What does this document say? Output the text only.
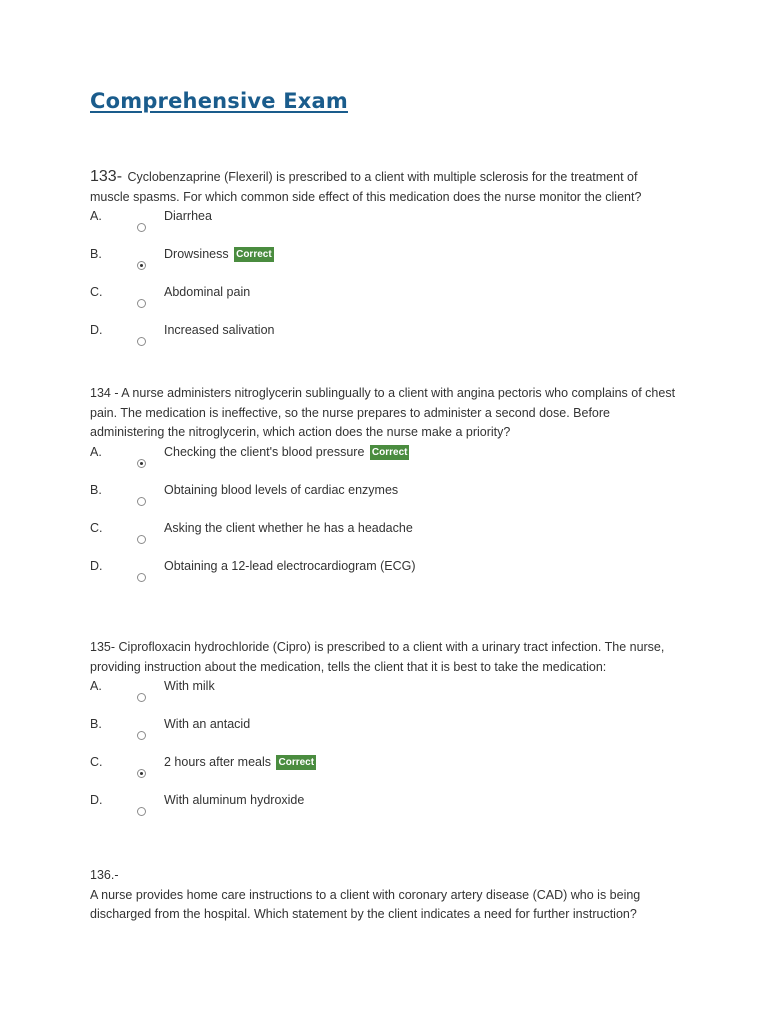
Comprehensive Exam

133- Cyclobenzaprine (Flexeril) is prescribed to a client with multiple sclerosis for the treatment of muscle spasms. For which common side effect of this medication does the nurse monitor the client?

A.	Diarrhea
B.	Drowsiness Correct
C.	Abdominal pain
D.	Increased salivation

134 - A nurse administers nitroglycerin sublingually to a client with angina pectoris who complains of chest pain. The medication is ineffective, so the nurse prepares to administer a second dose. Before administering the nitroglycerin, which action does the nurse make a priority?

A.	Checking the client's blood pressure Correct
B.	Obtaining blood levels of cardiac enzymes
C.	Asking the client whether he has a headache
D.	Obtaining a 12-lead electrocardiogram (ECG)

135- Ciprofloxacin hydrochloride (Cipro) is prescribed to a client with a urinary tract infection. The nurse, providing instruction about the medication, tells the client that it is best to take the medication:

A.	With milk
B.	With an antacid
C.	2 hours after meals Correct
D.	With aluminum hydroxide

136.-

A nurse provides home care instructions to a client with coronary artery disease (CAD) who is being discharged from the hospital. Which statement by the client indicates a need for further instruction?
